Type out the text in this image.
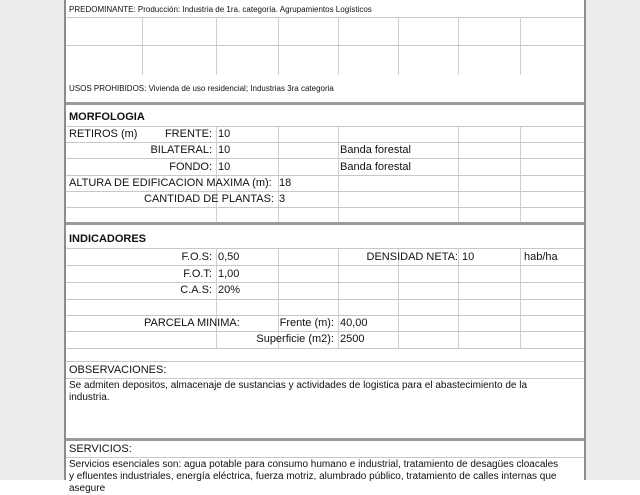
PREDOMINANTE: Producción: Industria de 1ra. categoría. Agrupamientos Logísticos
USOS PROHIBIDOS: Vivienda de uso residencial; Industrias 3ra categoria
MORFOLOGIA
RETIROS (m)	FRENTE: 10
BILATERAL: 10	Banda forestal
FONDO: 10	Banda forestal
ALTURA DE EDIFICACION MAXIMA (m): 18
CANTIDAD DE PLANTAS: 3
INDICADORES
F.O.S: 0,50	DENSIDAD NETA: 10	hab/ha
F.O.T: 1,00
C.A.S: 20%
PARCELA MINIMA:	Frente (m): 40,00
Superficie (m2): 2500
OBSERVACIONES:
Se admiten depositos, almacenaje de sustancias y actividades de logistica para el abastecimiento de la industria.
SERVICIOS:
Servicios esenciales son: agua potable para consumo humano e industrial, tratamiento de desagües cloacales y efluentes industriales, energía eléctrica, fuerza motriz, alumbrado público, tratamiento de calles internas que asegure
